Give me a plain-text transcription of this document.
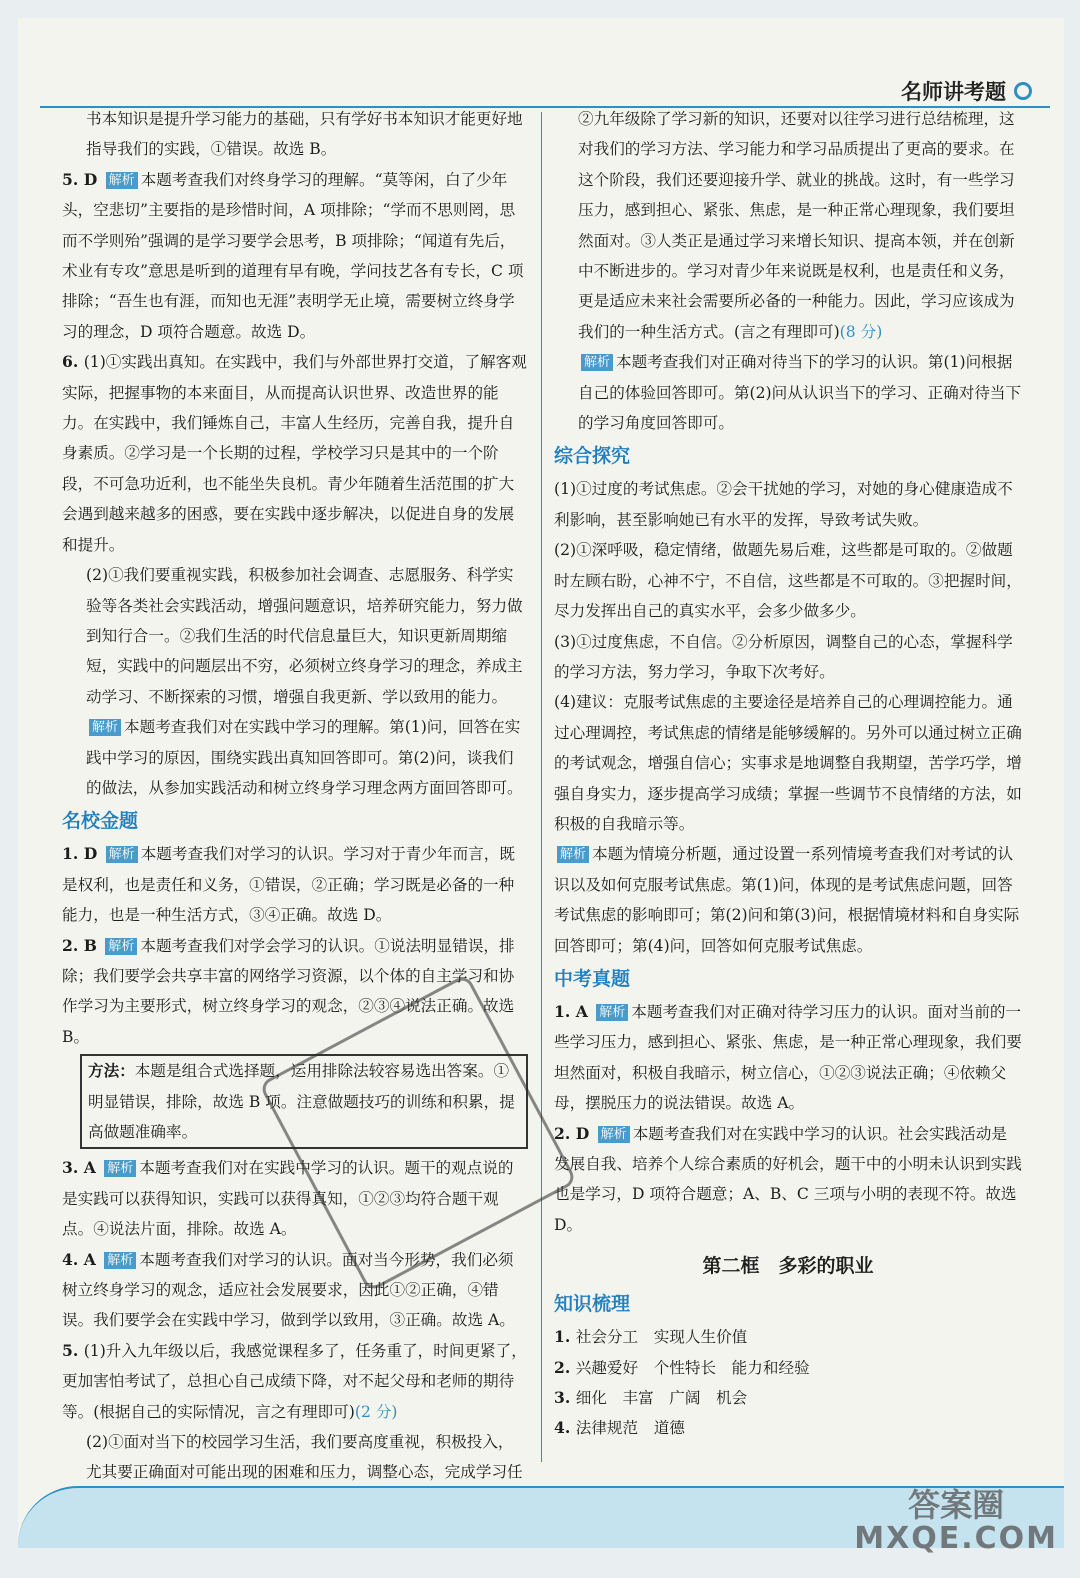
名师讲考题

书本知识是提升学习能力的基础，只有学好书本知识才能更好地指导我们的实践，①错误。故选 B。

5. D 解析 本题考查我们对终身学习的理解。“莫等闲，白了少年头，空悲切”主要指的是珍惜时间，A 项排除；“学而不思则罔，思而不学则殆”强调的是学习要学会思考，B 项排除；“闻道有先后，术业有专攻”意思是听到的道理有早有晚，学问技艺各有专长，C 项排除；“吾生也有涯，而知也无涯”表明学无止境，需要树立终身学习的理念，D 项符合题意。故选 D。

6. (1)①实践出真知。在实践中，我们与外部世界打交道，了解客观实际，把握事物的本来面目，从而提高认识世界、改造世界的能力。在实践中，我们锤炼自己，丰富人生经历，完善自我，提升自身素质。②学习是一个长期的过程，学校学习只是其中的一个阶段，不可急功近利，也不能坐失良机。青少年随着生活范围的扩大会遇到越来越多的困惑，要在实践中逐步解决，以促进自身的发展和提升。

(2)①我们要重视实践，积极参加社会调查、志愿服务、科学实验等各类社会实践活动，增强问题意识，培养研究能力，努力做到知行合一。②我们生活的时代信息量巨大，知识更新周期缩短，实践中的问题层出不穷，必须树立终身学习的理念，养成主动学习、不断探索的习惯，增强自我更新、学以致用的能力。

解析 本题考查我们对在实践中学习的理解。第(1)问，回答在实践中学习的原因，围绕实践出真知回答即可。第(2)问，谈我们的做法，从参加实践活动和树立终身学习理念两方面回答即可。

名校金题

1. D 解析 本题考查我们对学习的认识。学习对于青少年而言，既是权利，也是责任和义务，①错误，②正确；学习既是必备的一种能力，也是一种生活方式，③④正确。故选 D。

2. B 解析 本题考查我们对学会学习的认识。①说法明显错误，排除；我们要学会共享丰富的网络学习资源，以个体的自主学习和协作学习为主要形式，树立终身学习的观念，②③④说法正确。故选 B。

方法：本题是组合式选择题，运用排除法较容易选出答案。①明显错误，排除，故选 B 项。注意做题技巧的训练和积累，提高做题准确率。

3. A 解析 本题考查我们对在实践中学习的认识。题干的观点说的是实践可以获得知识，实践可以获得真知，①②③均符合题干观点。④说法片面，排除。故选 A。

4. A 解析 本题考查我们对学习的认识。面对当今形势，我们必须树立终身学习的观念，适应社会发展要求，因此①②正确，④错误。我们要学会在实践中学习，做到学以致用，③正确。故选 A。

5. (1)升入九年级以后，我感觉课程多了，任务重了，时间更紧了，更加害怕考试了，总担心自己成绩下降，对不起父母和老师的期待等。(根据自己的实际情况，言之有理即可)(2 分)

(2)①面对当下的校园学习生活，我们要高度重视，积极投入，尤其要正确面对可能出现的困难和压力，调整心态，完成学习任

②九年级除了学习新的知识，还要对以往学习进行总结梳理，这对我们的学习方法、学习能力和学习品质提出了更高的要求。在这个阶段，我们还要迎接升学、就业的挑战。这时，有一些学习压力，感到担心、紧张、焦虑，是一种正常心理现象，我们要坦然面对。③人类正是通过学习来增长知识、提高本领，并在创新中不断进步的。学习对青少年来说既是权利，也是责任和义务，更是适应未来社会需要所必备的一种能力。因此，学习应该成为我们的一种生活方式。(言之有理即可)(8 分)

解析 本题考查我们对正确对待当下的学习的认识。第(1)问根据自己的体验回答即可。第(2)问从认识当下的学习、正确对待当下的学习角度回答即可。

综合探究

(1)①过度的考试焦虑。②会干扰她的学习，对她的身心健康造成不利影响，甚至影响她已有水平的发挥，导致考试失败。

(2)①深呼吸，稳定情绪，做题先易后难，这些都是可取的。②做题时左顾右盼，心神不宁，不自信，这些都是不可取的。③把握时间，尽力发挥出自己的真实水平，会多少做多少。

(3)①过度焦虑，不自信。②分析原因，调整自己的心态，掌握科学的学习方法，努力学习，争取下次考好。

(4)建议：克服考试焦虑的主要途径是培养自己的心理调控能力。通过心理调控，考试焦虑的情绪是能够缓解的。另外可以通过树立正确的考试观念，增强自信心；实事求是地调整自我期望，苦学巧学，增强自身实力，逐步提高学习成绩；掌握一些调节不良情绪的方法，如积极的自我暗示等。

解析 本题为情境分析题，通过设置一系列情境考查我们对考试的认识以及如何克服考试焦虑。第(1)问，体现的是考试焦虑问题，回答考试焦虑的影响即可；第(2)问和第(3)问，根据情境材料和自身实际回答即可；第(4)问，回答如何克服考试焦虑。

中考真题

1. A 解析 本题考查我们对正确对待学习压力的认识。面对当前的一些学习压力，感到担心、紧张、焦虑，是一种正常心理现象，我们要坦然面对，积极自我暗示，树立信心，①②③说法正确；④依赖父母，摆脱压力的说法错误。故选 A。

2. D 解析 本题考查我们对在实践中学习的认识。社会实践活动是发展自我、培养个人综合素质的好机会，题干中的小明未认识到实践也是学习，D 项符合题意；A、B、C 三项与小明的表现不符。故选 D。

第二框　多彩的职业
知识梳理

1. 社会分工　实现人生价值

2. 兴趣爱好　个性特长　能力和经验

3. 细化　丰富　广阔　机会

4. 法律规范　道德

答案圈
MXQE.COM
